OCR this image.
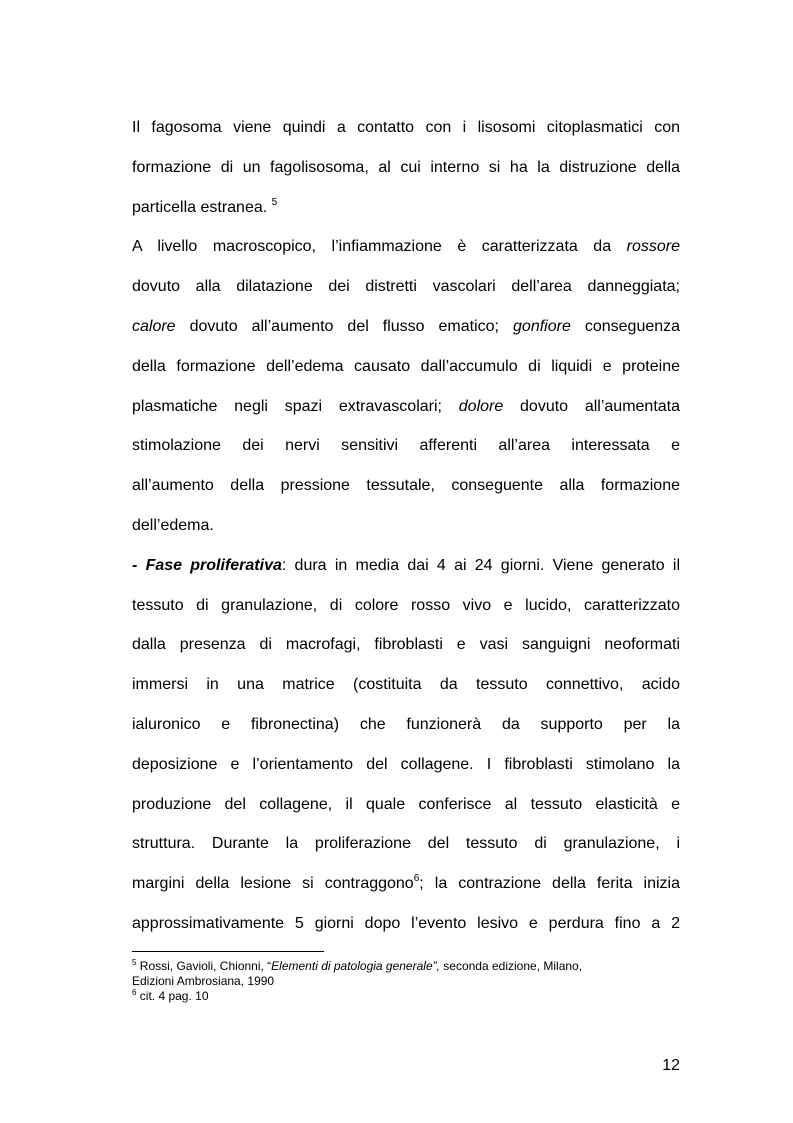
Il fagosoma viene quindi a contatto con i lisosomi citoplasmatici con
formazione di un fagolisosoma, al cui interno si ha la distruzione della
particella estranea. $^5$
A livello macroscopico, l’infiammazione è caratterizzata da rossore
dovuto alla dilatazione dei distretti vascolari dell’area danneggiata;
calore dovuto all’aumento del flusso ematico; gonfiore conseguenza
della formazione dell’edema causato dall’accumulo di liquidi e proteine
plasmatiche negli spazi extravascolari; dolore dovuto all’aumentata
stimolazione dei nervi sensitivi afferenti all’area interessata e
all’aumento della pressione tessutale, conseguente alla formazione
dell’edema.
- Fase proliferativa: dura in media dai 4 ai 24 giorni. Viene generato il
tessuto di granulazione, di colore rosso vivo e lucido, caratterizzato
dalla presenza di macrofagi, fibroblasti e vasi sanguigni neoformati
immersi in una matrice (costituita da tessuto connettivo, acido
ialuronico e fibronectina) che funzionerà da supporto per la
deposizione e l’orientamento del collagene. I fibroblasti stimolano la
produzione del collagene, il quale conferisce al tessuto elasticità e
struttura. Durante la proliferazione del tessuto di granulazione, i
margini della lesione si contraggono$^6$; la contrazione della ferita inizia
approssimativamente 5 giorni dopo l’evento lesivo e perdura fino a 2
$^5$ Rossi, Gavioli, Chionni, “Elementi di patologia generale”, seconda edizione, Milano,
Edizioni Ambrosiana, 1990
$^6$ cit. 4 pag. 10
12
